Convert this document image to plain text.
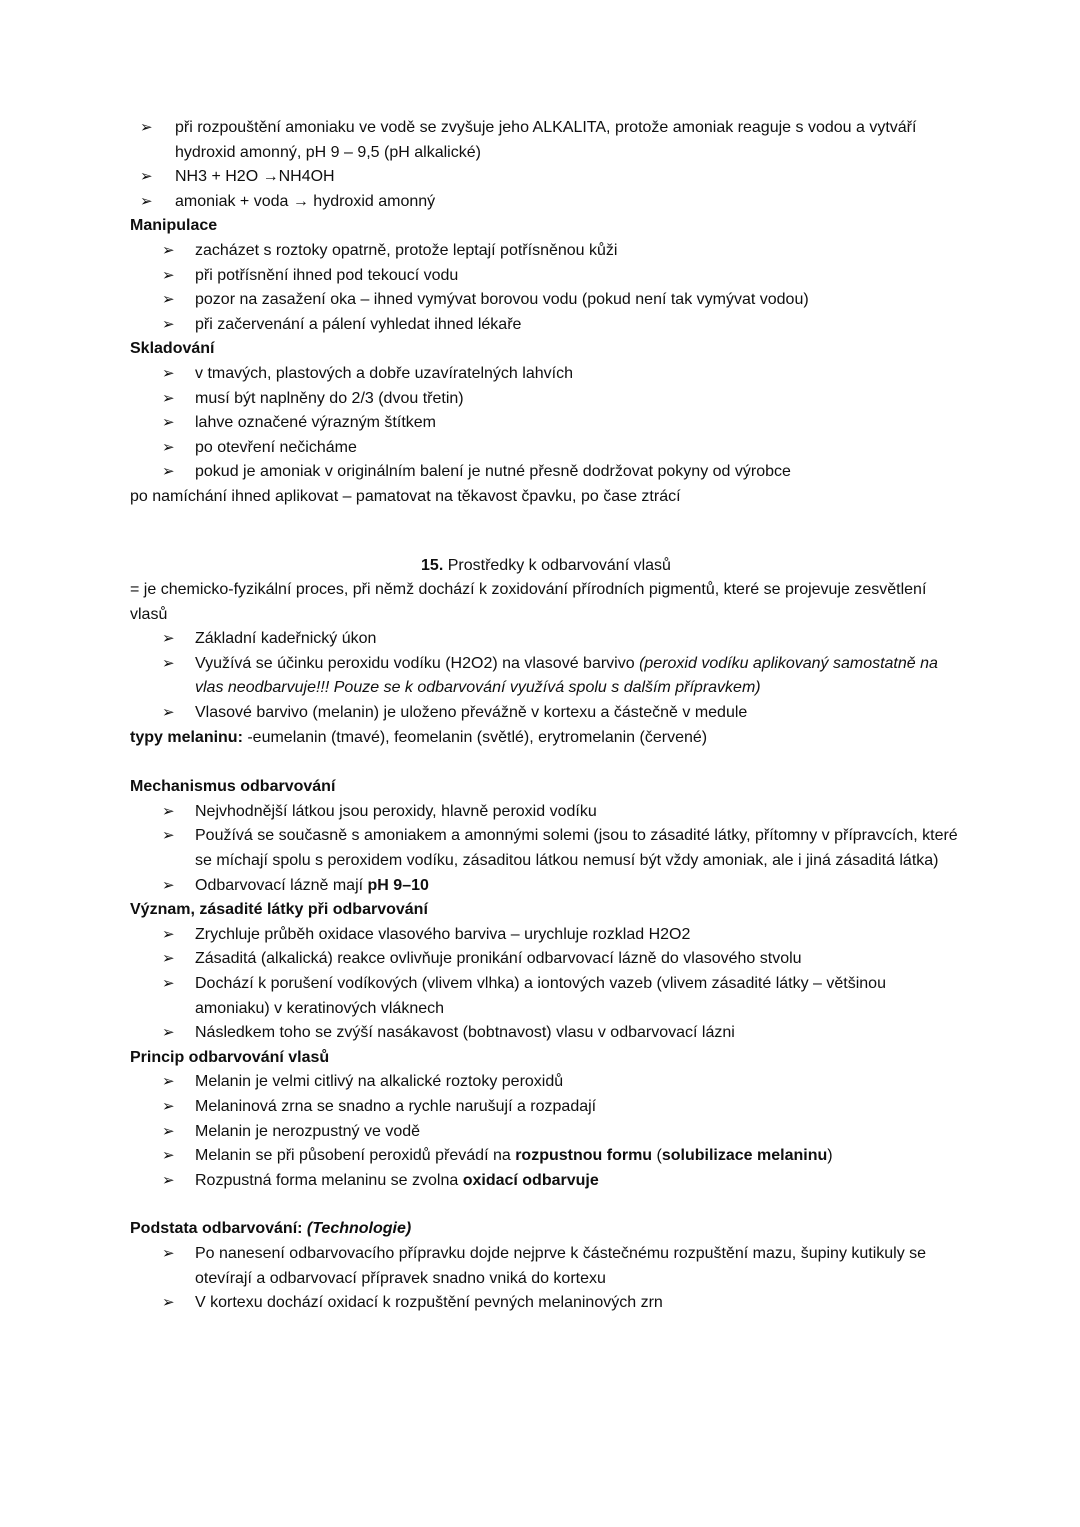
➢	při rozpouštění amoniaku ve vodě se zvyšuje jeho ALKALITA, protože amoniak reaguje s vodou a vytváří hydroxid amonný, pH 9 – 9,5 (pH alkalické)
➢	NH3 + H2O →NH4OH
➢	amoniak + voda → hydroxid amonný
Manipulace
➢	zacházet s roztoky opatrně, protože leptají potřísněnou kůži
➢	při potřísnění ihned pod tekoucí vodu
➢	pozor na zasažení oka – ihned vymývat borovou vodu (pokud není tak vymývat vodou)
➢	při začervenání a pálení vyhledat ihned lékaře
Skladování
➢	v tmavých, plastových a dobře uzavíratelných lahvích
➢	musí být naplněny do 2/3 (dvou třetin)
➢	lahve označené výrazným štítkem
➢	po otevření nečicháme
➢	pokud je amoniak v originálním balení je nutné přesně dodržovat pokyny od výrobce
po namíchání ihned aplikovat – pamatovat na těkavost čpavku, po čase ztrácí
15. Prostředky k odbarvování vlasů
= je chemicko-fyzikální proces, při němž dochází k zoxidování přírodních pigmentů, které se projevuje zesvětlení vlasů
➢	Základní kadeřnický úkon
➢	Využívá se účinku peroxidu vodíku (H2O2) na vlasové barvivo (peroxid vodíku aplikovaný samostatně na vlas neodbarvuje!!! Pouze se k odbarvování využívá spolu s dalším přípravkem)
➢	Vlasové barvivo (melanin) je uloženo převážně v kortexu a částečně v medule
typy melaninu: -eumelanin (tmavé), feomelanin (světlé), erytromelanin (červené)
Mechanismus odbarvování
➢	Nejvhodnější látkou jsou peroxidy, hlavně peroxid vodíku
➢	Používá se současně s amoniakem a amonnými solemi (jsou to zásadité látky, přítomny v přípravcích, které se míchají spolu s peroxidem vodíku, zásaditou látkou nemusí být vždy amoniak, ale i jiná zásaditá látka)
➢	Odbarvovací lázně mají pH 9–10
Význam, zásadité látky při odbarvování
➢	Zrychluje průběh oxidace vlasového barviva – urychluje rozklad H2O2
➢	Zásaditá (alkalická) reakce ovlivňuje pronikání odbarvovací lázně do vlasového stvolu
➢	Dochází k porušení vodíkových (vlivem vlhka) a iontových vazeb (vlivem zásadité látky – většinou amoniaku) v keratinových vláknech
➢	Následkem toho se zvýší nasákavost (bobtnavost) vlasu v odbarvovací lázni
Princip odbarvování vlasů
➢	Melanin je velmi citlivý na alkalické roztoky peroxidů
➢	Melaninová zrna se snadno a rychle narušují a rozpadají
➢	Melanin je nerozpustný ve vodě
➢	Melanin se při působení peroxidů převádí na rozpustnou formu (solubilizace melaninu)
➢	Rozpustná forma melaninu se zvolna oxidací odbarvuje
Podstata odbarvování: (Technologie)
➢	Po nanesení odbarvovacího přípravku dojde nejprve k částečnému rozpuštění mazu, šupiny kutikuly se otevírají a odbarvovací přípravek snadno vniká do kortexu
➢	V kortexu dochází oxidací k rozpuštění pevných melaninových zrn
